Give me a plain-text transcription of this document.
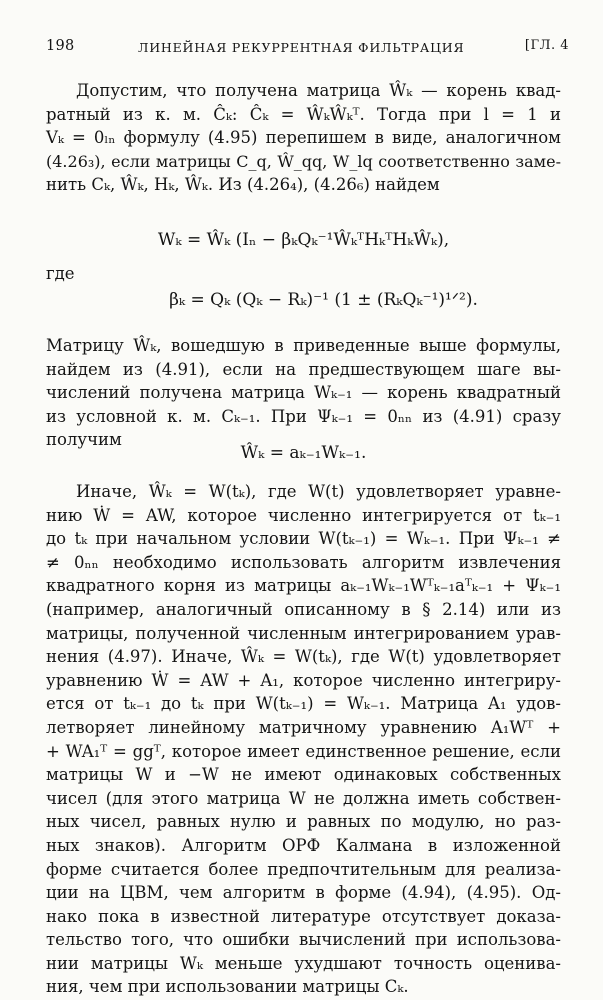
198	ЛИНЕЙНАЯ РЕКУРРЕНТНАЯ ФИЛЬТРАЦИЯ	[ГЛ. 4
Допустим, что получена матрица Ŵₖ — корень квад-
ратный из к. м. Ĉₖ: Ĉₖ = ŴₖŴₖᵀ. Тогда при l = 1 и
Vₖ = 0ₗₙ формулу (4.95) перепишем в виде, аналогичном
(4.26₃), если матрицы C_q, Ŵ_qq, W_lq соответственно заме-
нить Cₖ, Ŵₖ, Hₖ, Ŵₖ. Из (4.26₄), (4.26₆) найдем
Wₖ = Ŵₖ (Iₙ − βₖQₖ⁻¹ŴₖᵀHₖᵀHₖŴₖ),
где
βₖ = Qₖ (Qₖ − Rₖ)⁻¹ (1 ± (RₖQₖ⁻¹)¹ᐟ²).
Матрицу Ŵₖ, вошедшую в приведенные выше формулы,
найдем из (4.91), если на предшествующем шаге вы-
числений получена матрица Wₖ₋₁ — корень квадратный
из условной к. м. Cₖ₋₁. При Ψₖ₋₁ = 0ₙₙ из (4.91) сразу
получим
Ŵₖ = aₖ₋₁Wₖ₋₁.
Иначе, Ŵₖ = W(tₖ), где W(t) удовлетворяет уравне-
нию Ẇ = AW, которое численно интегрируется от tₖ₋₁
до tₖ при начальном условии W(tₖ₋₁) = Wₖ₋₁. При Ψₖ₋₁ ≠
≠ 0ₙₙ необходимо использовать алгоритм извлечения
квадратного корня из матрицы aₖ₋₁Wₖ₋₁Wᵀₖ₋₁aᵀₖ₋₁ + Ψₖ₋₁
(например, аналогичный описанному в § 2.14) или из
матрицы, полученной численным интегрированием урав-
нения (4.97). Иначе, Ŵₖ = W(tₖ), где W(t) удовлетворяет
уравнению Ẇ = AW + A₁, которое численно интегриру-
ется от tₖ₋₁ до tₖ при W(tₖ₋₁) = Wₖ₋₁. Матрица A₁ удов-
летворяет линейному матричному уравнению A₁Wᵀ +
+ WA₁ᵀ = ggᵀ, которое имеет единственное решение, если
матрицы W и −W не имеют одинаковых собственных
чисел (для этого матрица W не должна иметь собствен-
ных чисел, равных нулю и равных по модулю, но раз-
ных знаков). Алгоритм ОРФ Калмана в изложенной
форме считается более предпочтительным для реализа-
ции на ЦВМ, чем алгоритм в форме (4.94), (4.95). Од-
нако пока в известной литературе отсутствует доказа-
тельство того, что ошибки вычислений при использова-
нии матрицы Wₖ меньше ухудшают точность оценива-
ния, чем при использовании матрицы Cₖ.
